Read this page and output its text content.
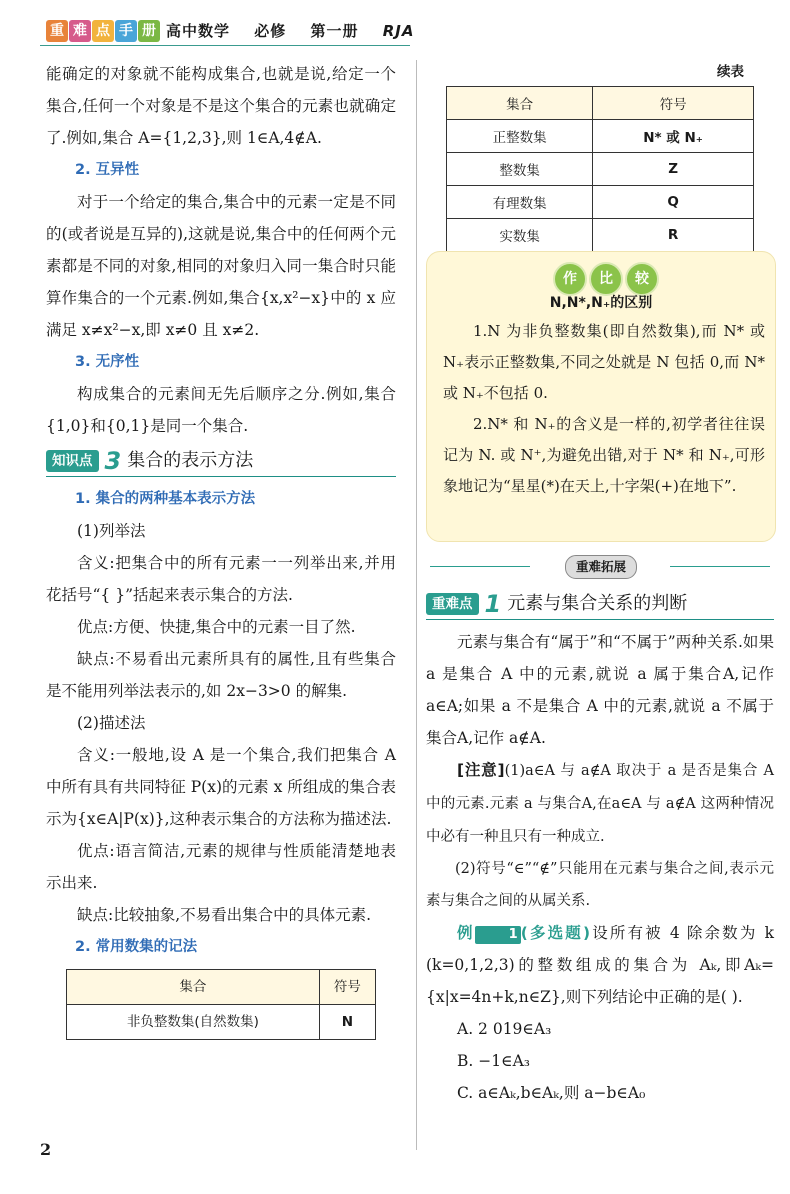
重 难 点 手 册 高中数学 必修 第一册 RJA

能确定的对象就不能构成集合,也就是说,给定一个集合,任何一个对象是不是这个集合的元素也就确定了.例如,集合 A={1,2,3},则 1∈A,4∉A.

2. 互异性

对于一个给定的集合,集合中的元素一定是不同的(或者说是互异的),这就是说,集合中的任何两个元素都是不同的对象,相同的对象归入同一集合时只能算作集合的一个元素.例如,集合{x,x²−x}中的 x 应满足 x≠x²−x,即 x≠0 且 x≠2.

3. 无序性

构成集合的元素间无先后顺序之分.例如,集合{1,0}和{0,1}是同一个集合.

知识点 3 集合的表示方法

1. 集合的两种基本表示方法

(1)列举法

含义:把集合中的所有元素一一列举出来,并用花括号“{ }”括起来表示集合的方法.

优点:方便、快捷,集合中的元素一目了然.

缺点:不易看出元素所具有的属性,且有些集合是不能用列举法表示的,如 2x−3>0 的解集.

(2)描述法

含义:一般地,设 A 是一个集合,我们把集合 A 中所有具有共同特征 P(x)的元素 x 所组成的集合表示为{x∈A|P(x)},这种表示集合的方法称为描述法.

优点:语言简洁,元素的规律与性质能清楚地表示出来.

缺点:比较抽象,不易看出集合中的具体元素.

2. 常用数集的记法

集合	符号
非负整数集(自然数集)	N
续表
集合	符号
正整数集	N* 或 N₊
整数集	Z
有理数集	Q
实数集	R
作	比	较
N,N*,N₊的区别

1.N 为非负整数集(即自然数集),而 N* 或 N₊表示正整数集,不同之处就是 N 包括 0,而 N* 或 N₊不包括 0.

2.N* 和 N₊的含义是一样的,初学者往往误记为 N. 或 N⁺,为避免出错,对于 N* 和 N₊,可形象地记为“星星(*)在天上,十字架(+)在地下”.

重难拓展
重难点 1 元素与集合关系的判断

元素与集合有“属于”和“不属于”两种关系.如果 a 是集合 A 中的元素,就说 a 属于集合A,记作 a∈A;如果 a 不是集合 A 中的元素,就说 a 不属于集合A,记作 a∉A.

[注意](1)a∈A 与 a∉A 取决于 a 是否是集合 A 中的元素.元素 a 与集合A,在a∈A 与 a∉A 这两种情况中必有一种且只有一种成立.

(2)符号“∈”“∉”只能用在元素与集合之间,表示元素与集合之间的从属关系.

例	1 (多选题)设所有被 4 除余数为 k (k=0,1,2,3)的整数组成的集合为 Aₖ,即Aₖ={x|x=4n+k,n∈Z},则下列结论中正确的是( ).

A. 2 019∈A₃

B. −1∈A₃

C. a∈Aₖ,b∈Aₖ,则 a−b∈A₀

2
